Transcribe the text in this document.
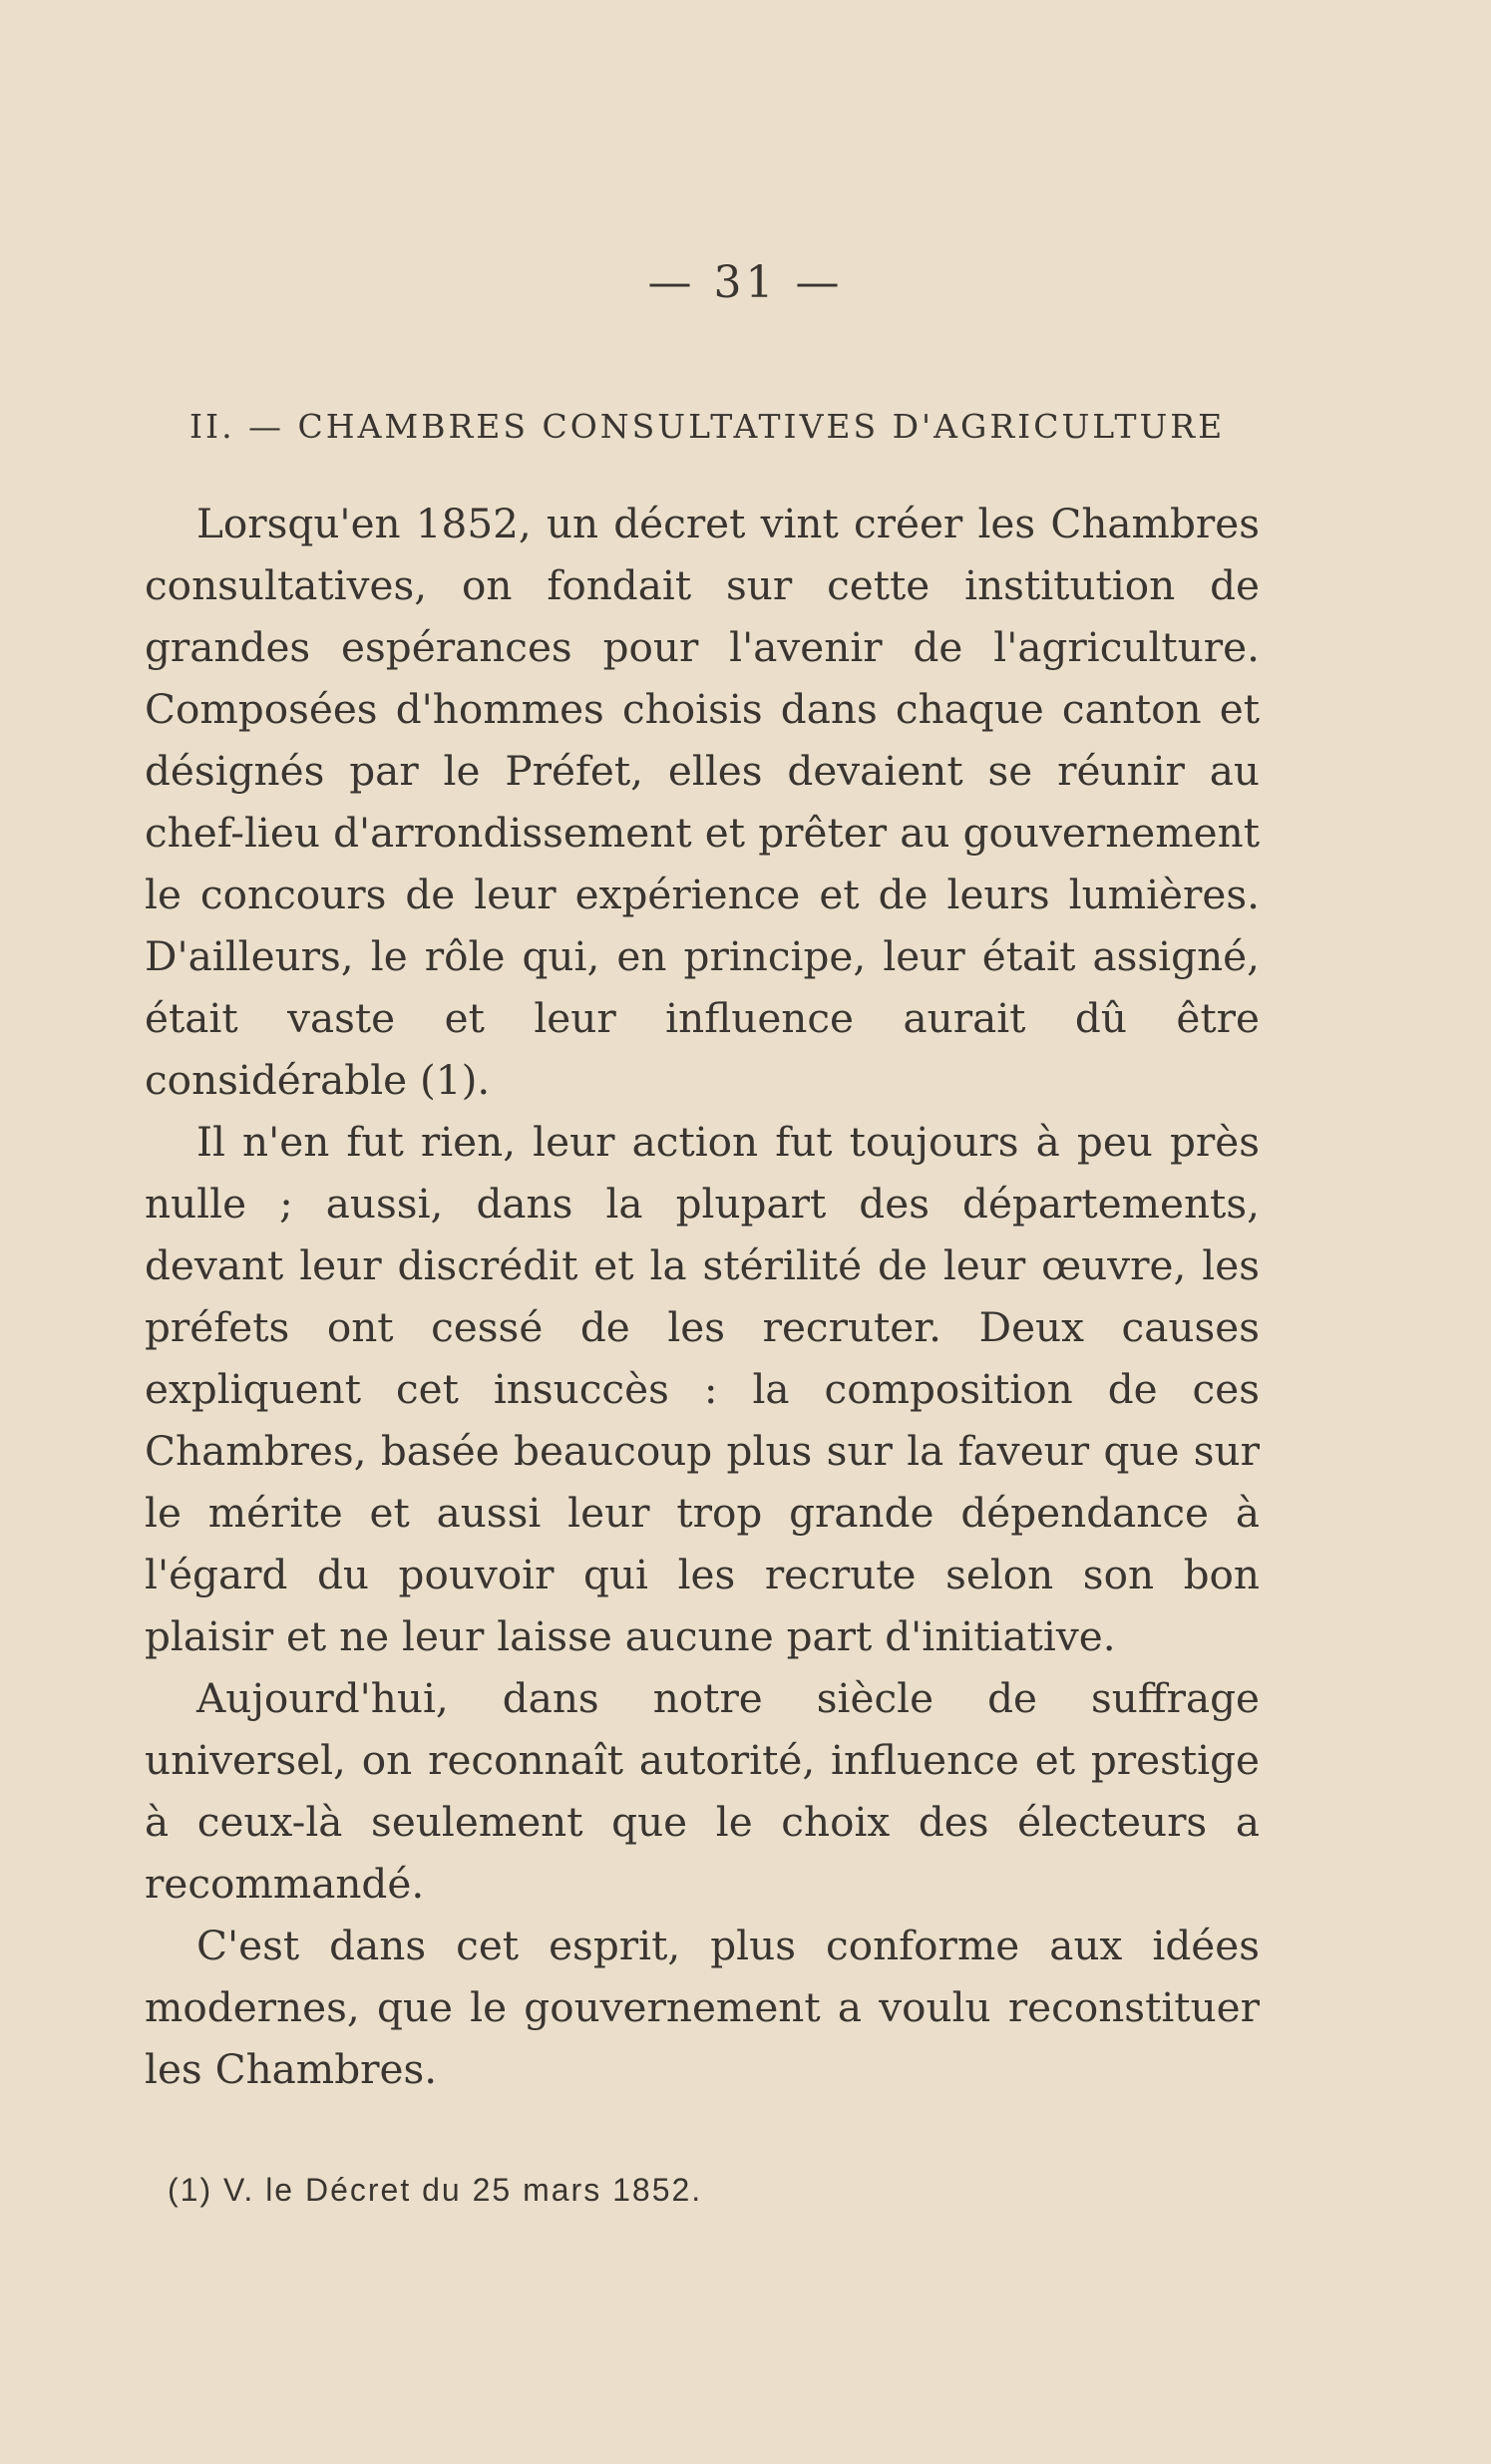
— 31 —
II. — CHAMBRES CONSULTATIVES D'AGRICULTURE

Lorsqu'en 1852, un décret vint créer les Chambres consultatives, on fondait sur cette institution de grandes espérances pour l'avenir de l'agriculture. Composées d'hommes choisis dans chaque canton et désignés par le Préfet, elles devaient se réunir au chef-lieu d'arrondissement et prêter au gouvernement le concours de leur expérience et de leurs lumières. D'ailleurs, le rôle qui, en principe, leur était assigné, était vaste et leur influence aurait dû être considérable (1).

Il n'en fut rien, leur action fut toujours à peu près nulle ; aussi, dans la plupart des départements, devant leur discrédit et la stérilité de leur œuvre, les préfets ont cessé de les recruter. Deux causes expliquent cet insuccès : la composition de ces Chambres, basée beaucoup plus sur la faveur que sur le mérite et aussi leur trop grande dépendance à l'égard du pouvoir qui les recrute selon son bon plaisir et ne leur laisse aucune part d'initiative.

Aujourd'hui, dans notre siècle de suffrage universel, on reconnaît autorité, influence et prestige à ceux-là seulement que le choix des électeurs a recommandé.

C'est dans cet esprit, plus conforme aux idées modernes, que le gouvernement a voulu reconstituer les Chambres.

(1) V. le Décret du 25 mars 1852.
